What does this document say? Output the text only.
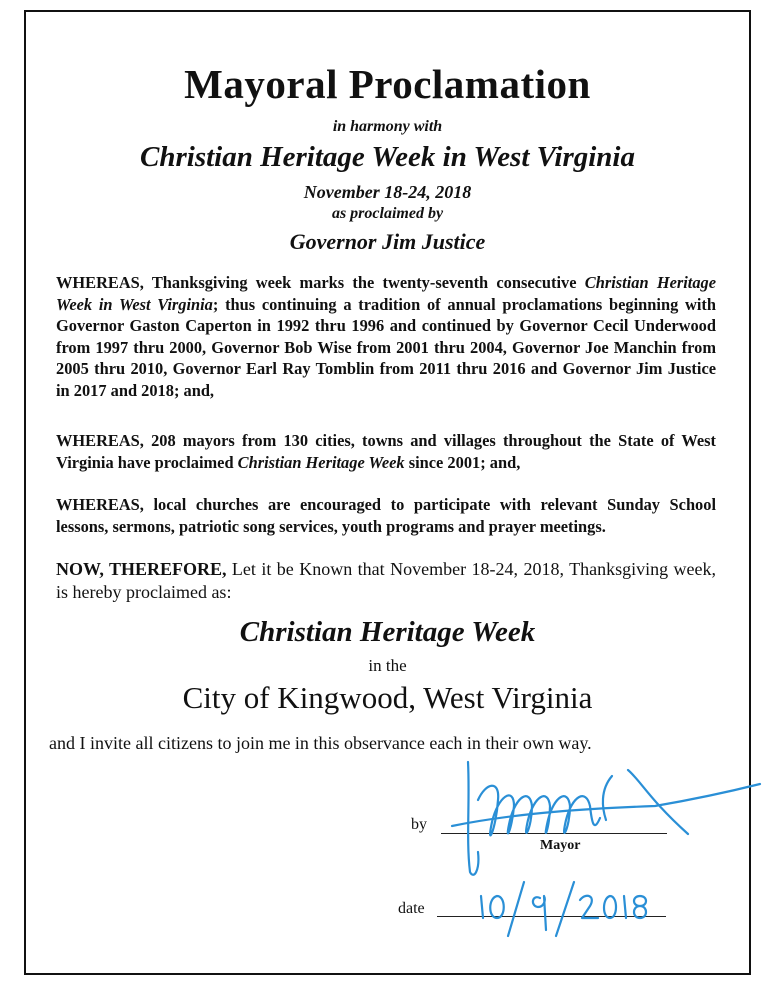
Mayoral Proclamation
in harmony with
Christian Heritage Week in West Virginia
November 18-24, 2018
as proclaimed by
Governor Jim Justice

WHEREAS, Thanksgiving week marks the twenty-seventh consecutive Christian Heritage Week in West Virginia; thus continuing a tradition of annual proclamations beginning with Governor Gaston Caperton in 1992 thru 1996 and continued by Governor Cecil Underwood from 1997 thru 2000, Governor Bob Wise from 2001 thru 2004, Governor Joe Manchin from 2005 thru 2010, Governor Earl Ray Tomblin from 2011 thru 2016 and Governor Jim Justice in 2017 and 2018; and,

WHEREAS, 208 mayors from 130 cities, towns and villages throughout the State of West Virginia have proclaimed Christian Heritage Week since 2001; and,

WHEREAS, local churches are encouraged to participate with relevant Sunday School lessons, sermons, patriotic song services, youth programs and prayer meetings.

NOW, THEREFORE, Let it be Known that November 18-24, 2018, Thanksgiving week, is hereby proclaimed as:

Christian Heritage Week
in the
City of Kingwood, West Virginia
and I invite all citizens to join me in this observance each in their own way.
by
Mayor
date
